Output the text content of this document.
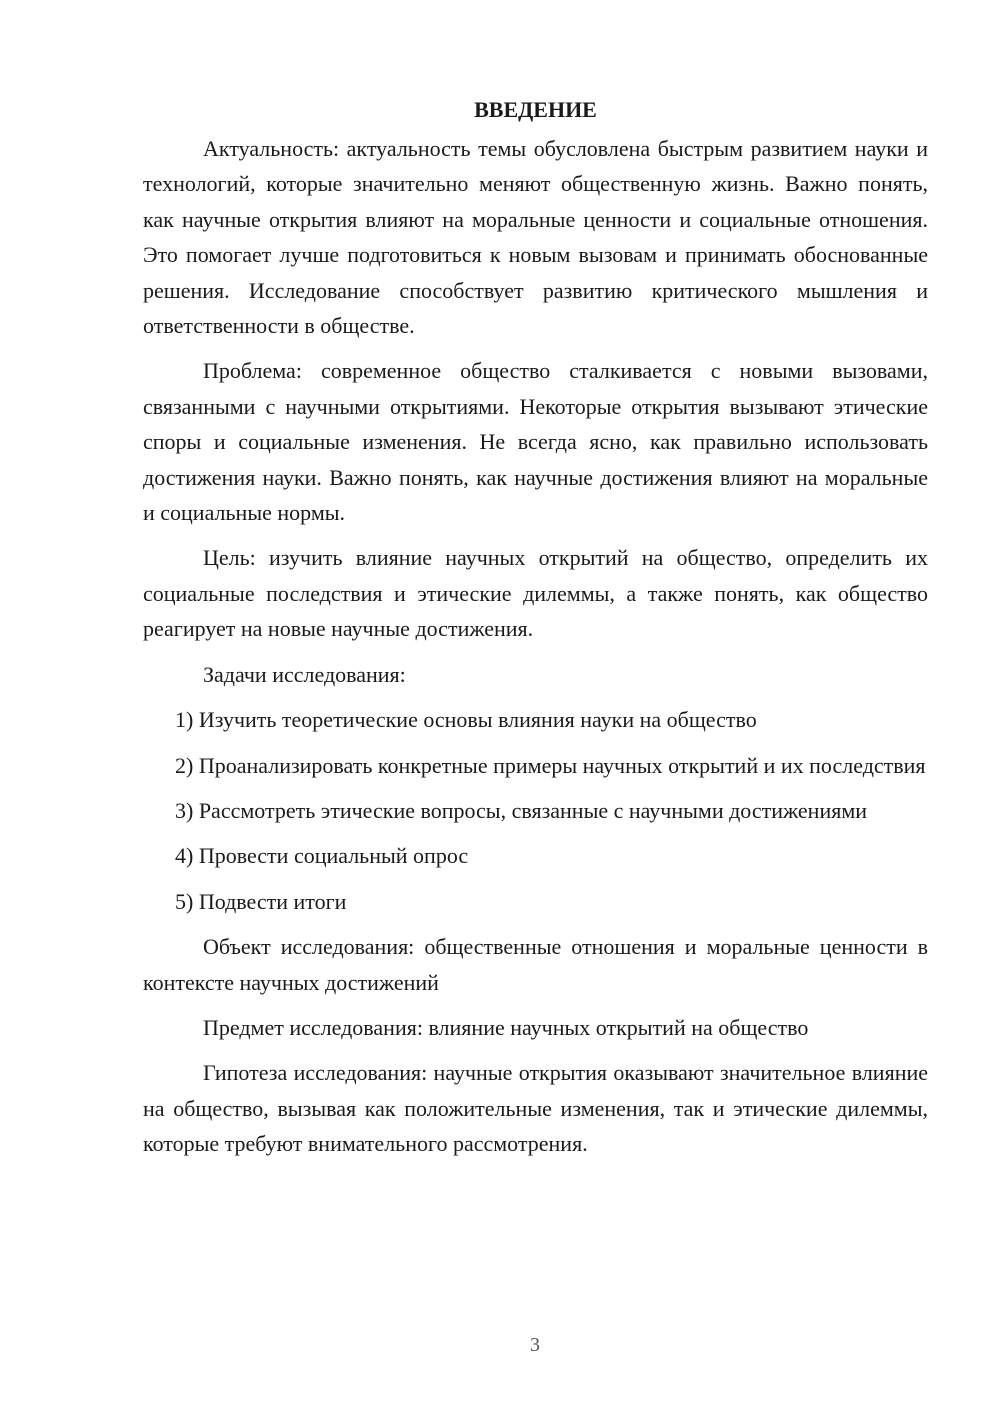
ВВЕДЕНИЕ

Актуальность: актуальность темы обусловлена быстрым развитием науки и технологий, которые значительно меняют общественную жизнь. Важно понять, как научные открытия влияют на моральные ценности и социальные отношения. Это помогает лучше подготовиться к новым вызовам и принимать обоснованные решения. Исследование способствует развитию критического мышления и ответственности в обществе.

Проблема: современное общество сталкивается с новыми вызовами, связанными с научными открытиями. Некоторые открытия вызывают этические споры и социальные изменения. Не всегда ясно, как правильно использовать достижения науки. Важно понять, как научные достижения влияют на моральные и социальные нормы.

Цель: изучить влияние научных открытий на общество, определить их социальные последствия и этические дилеммы, а также понять, как общество реагирует на новые научные достижения.

Задачи исследования:

1) Изучить теоретические основы влияния науки на общество

2) Проанализировать конкретные примеры научных открытий и их последствия

3) Рассмотреть этические вопросы, связанные с научными достижениями

4) Провести социальный опрос

5) Подвести итоги

Объект исследования: общественные отношения и моральные ценности в контексте научных достижений

Предмет исследования: влияние научных открытий на общество

Гипотеза исследования: научные открытия оказывают значительное влияние на общество, вызывая как положительные изменения, так и этические дилеммы, которые требуют внимательного рассмотрения.

3
